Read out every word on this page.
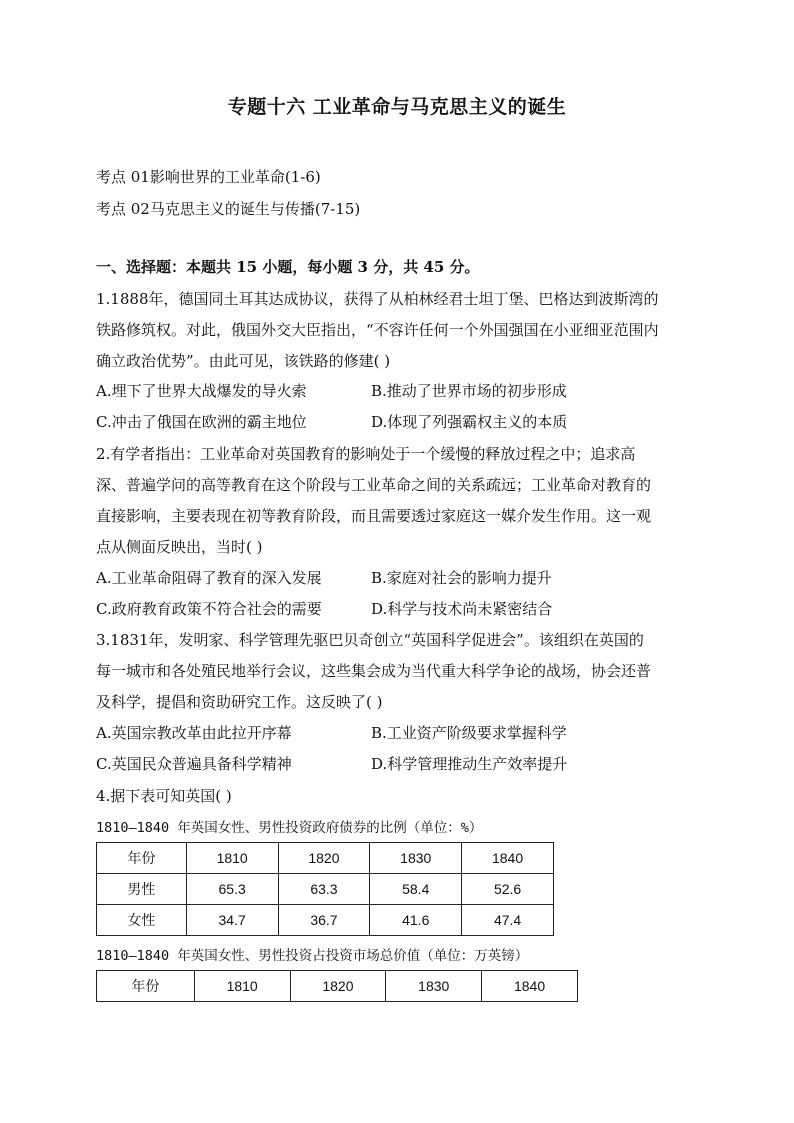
专题十六 工业革命与马克思主义的诞生
考点 01影响世界的工业革命(1-6)
考点 02马克思主义的诞生与传播(7-15)
一、选择题：本题共 15 小题，每小题 3 分，共 45 分。
1.1888年，德国同土耳其达成协议，获得了从柏林经君士坦丁堡、巴格达到波斯湾的
铁路修筑权。对此，俄国外交大臣指出，“不容许任何一个外国强国在小亚细亚范围内
确立政治优势”。由此可见，该铁路的修建( )
A.埋下了世界大战爆发的导火索	B.推动了世界市场的初步形成
C.冲击了俄国在欧洲的霸主地位	D.体现了列强霸权主义的本质
2.有学者指出：工业革命对英国教育的影响处于一个缓慢的释放过程之中；追求高
深、普遍学问的高等教育在这个阶段与工业革命之间的关系疏远；工业革命对教育的
直接影响，主要表现在初等教育阶段，而且需要透过家庭这一媒介发生作用。这一观
点从侧面反映出，当时( )
A.工业革命阻碍了教育的深入发展	B.家庭对社会的影响力提升
C.政府教育政策不符合社会的需要	D.科学与技术尚未紧密结合
3.1831年，发明家、科学管理先驱巴贝奇创立“英国科学促进会”。该组织在英国的
每一城市和各处殖民地举行会议，这些集会成为当代重大科学争论的战场，协会还普
及科学，提倡和资助研究工作。这反映了( )
A.英国宗教改革由此拉开序幕	B.工业资产阶级要求掌握科学
C.英国民众普遍具备科学精神	D.科学管理推动生产效率提升
4.据下表可知英国( )
1810—1840 年英国女性、男性投资政府债券的比例（单位：%）
年份	1810	1820	1830	1840
男性	65.3	63.3	58.4	52.6
女性	34.7	36.7	41.6	47.4
1810—1840 年英国女性、男性投资占投资市场总价值（单位：万英镑）
年份	1810	1820	1830	1840
